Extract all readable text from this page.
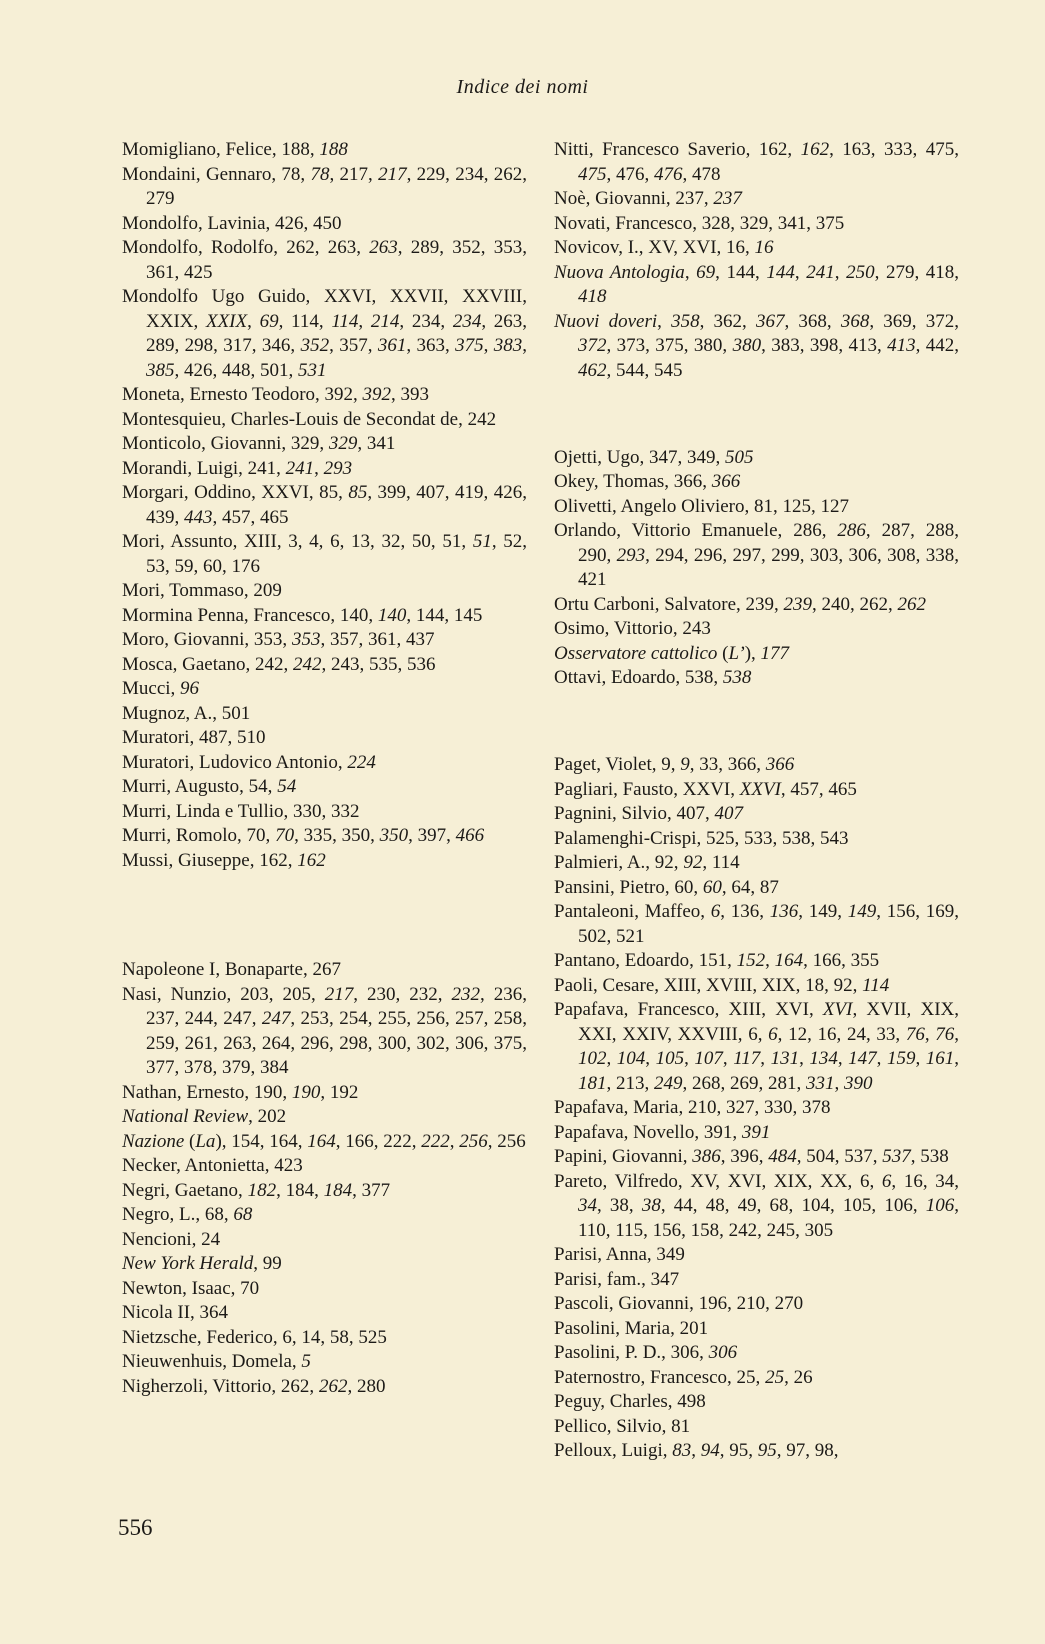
Indice dei nomi

Momigliano, Felice, 188, 188

Mondaini, Gennaro, 78, 78, 217, 217, 229, 234, 262, 279

Mondolfo, Lavinia, 426, 450

Mondolfo, Rodolfo, 262, 263, 263, 289, 352, 353, 361, 425

Mondolfo Ugo Guido, XXVI, XXVII, XXVIII, XXIX, XXIX, 69, 114, 114, 214, 234, 234, 263, 289, 298, 317, 346, 352, 357, 361, 363, 375, 383, 385, 426, 448, 501, 531

Moneta, Ernesto Teodoro, 392, 392, 393

Montesquieu, Charles-Louis de Secondat de, 242

Monticolo, Giovanni, 329, 329, 341

Morandi, Luigi, 241, 241, 293

Morgari, Oddino, XXVI, 85, 85, 399, 407, 419, 426, 439, 443, 457, 465

Mori, Assunto, XIII, 3, 4, 6, 13, 32, 50, 51, 51, 52, 53, 59, 60, 176

Mori, Tommaso, 209

Mormina Penna, Francesco, 140, 140, 144, 145

Moro, Giovanni, 353, 353, 357, 361, 437

Mosca, Gaetano, 242, 242, 243, 535, 536

Mucci, 96

Mugnoz, A., 501

Muratori, 487, 510

Muratori, Ludovico Antonio, 224

Murri, Augusto, 54, 54

Murri, Linda e Tullio, 330, 332

Murri, Romolo, 70, 70, 335, 350, 350, 397, 466

Mussi, Giuseppe, 162, 162

Napoleone I, Bonaparte, 267

Nasi, Nunzio, 203, 205, 217, 230, 232, 232, 236, 237, 244, 247, 247, 253, 254, 255, 256, 257, 258, 259, 261, 263, 264, 296, 298, 300, 302, 306, 375, 377, 378, 379, 384

Nathan, Ernesto, 190, 190, 192

National Review, 202

Nazione (La), 154, 164, 164, 166, 222, 222, 256, 256

Necker, Antonietta, 423

Negri, Gaetano, 182, 184, 184, 377

Negro, L., 68, 68

Nencioni, 24

New York Herald, 99

Newton, Isaac, 70

Nicola II, 364

Nietzsche, Federico, 6, 14, 58, 525

Nieuwenhuis, Domela, 5

Nigherzoli, Vittorio, 262, 262, 280

Nitti, Francesco Saverio, 162, 162, 163, 333, 475, 475, 476, 476, 478

Noè, Giovanni, 237, 237

Novati, Francesco, 328, 329, 341, 375

Novicov, I., XV, XVI, 16, 16

Nuova Antologia, 69, 144, 144, 241, 250, 279, 418, 418

Nuovi doveri, 358, 362, 367, 368, 368, 369, 372, 372, 373, 375, 380, 380, 383, 398, 413, 413, 442, 462, 544, 545

Ojetti, Ugo, 347, 349, 505

Okey, Thomas, 366, 366

Olivetti, Angelo Oliviero, 81, 125, 127

Orlando, Vittorio Emanuele, 286, 286, 287, 288, 290, 293, 294, 296, 297, 299, 303, 306, 308, 338, 421

Ortu Carboni, Salvatore, 239, 239, 240, 262, 262

Osimo, Vittorio, 243

Osservatore cattolico (L’), 177

Ottavi, Edoardo, 538, 538

Paget, Violet, 9, 9, 33, 366, 366

Pagliari, Fausto, XXVI, XXVI, 457, 465

Pagnini, Silvio, 407, 407

Palamenghi-Crispi, 525, 533, 538, 543

Palmieri, A., 92, 92, 114

Pansini, Pietro, 60, 60, 64, 87

Pantaleoni, Maffeo, 6, 136, 136, 149, 149, 156, 169, 502, 521

Pantano, Edoardo, 151, 152, 164, 166, 355

Paoli, Cesare, XIII, XVIII, XIX, 18, 92, 114

Papafava, Francesco, XIII, XVI, XVI, XVII, XIX, XXI, XXIV, XXVIII, 6, 6, 12, 16, 24, 33, 76, 76, 102, 104, 105, 107, 117, 131, 134, 147, 159, 161, 181, 213, 249, 268, 269, 281, 331, 390

Papafava, Maria, 210, 327, 330, 378

Papafava, Novello, 391, 391

Papini, Giovanni, 386, 396, 484, 504, 537, 537, 538

Pareto, Vilfredo, XV, XVI, XIX, XX, 6, 6, 16, 34, 34, 38, 38, 44, 48, 49, 68, 104, 105, 106, 106, 110, 115, 156, 158, 242, 245, 305

Parisi, Anna, 349

Parisi, fam., 347

Pascoli, Giovanni, 196, 210, 270

Pasolini, Maria, 201

Pasolini, P. D., 306, 306

Paternostro, Francesco, 25, 25, 26

Peguy, Charles, 498

Pellico, Silvio, 81

Pelloux, Luigi, 83, 94, 95, 95, 97, 98,

556
